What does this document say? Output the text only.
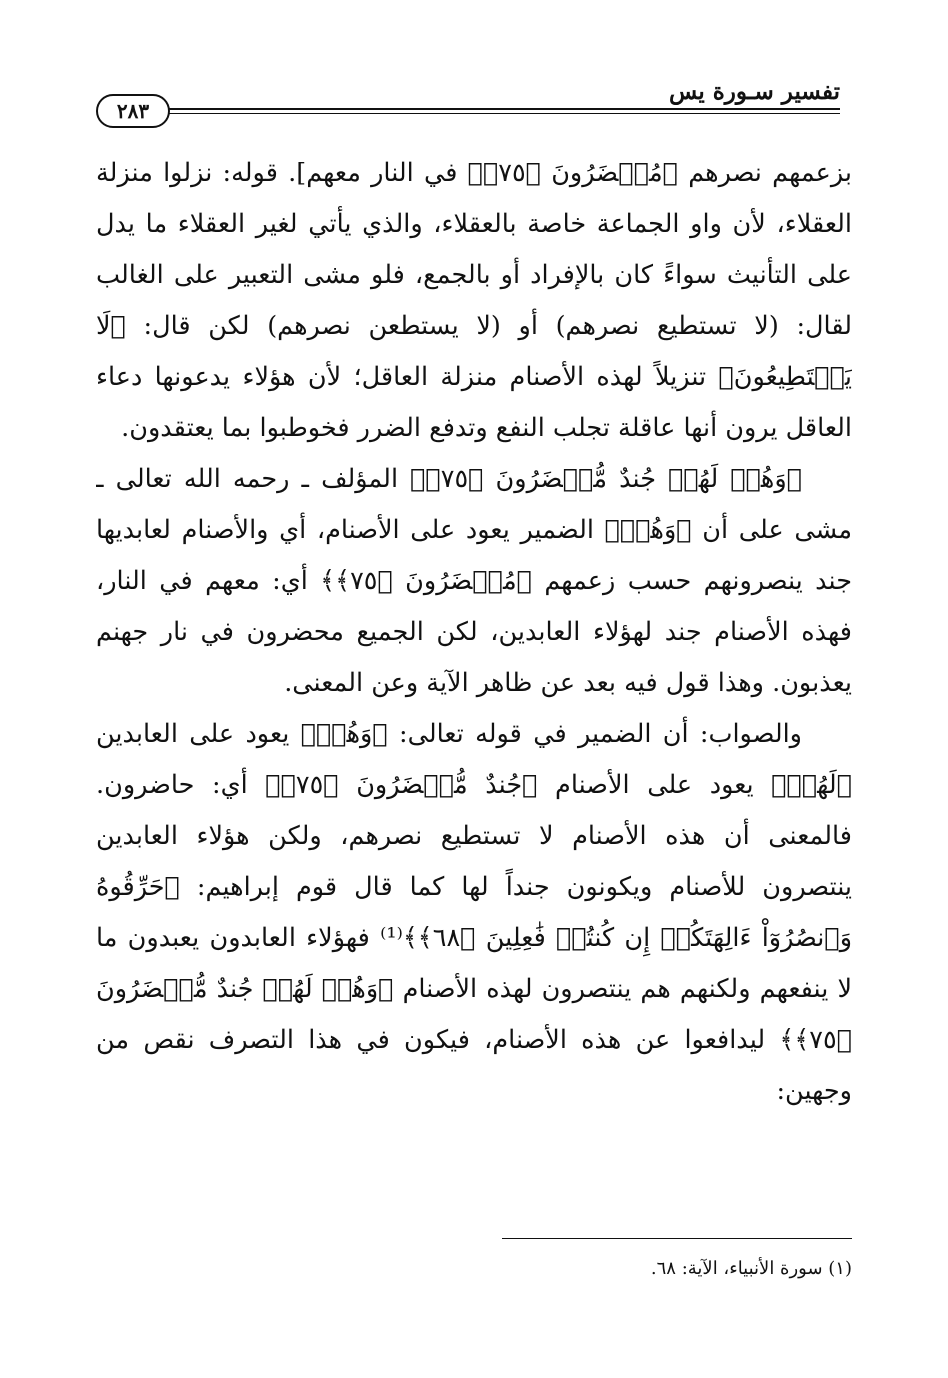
٢٨٣
تفسير سـورة يس

بزعمهم نصرهم ﴿مُحۡضَرُونَ ﴿٧٥﴾﴾ في النار معهم]. قوله: نزلوا منزلة العقلاء، لأن واو الجماعة خاصة بالعقلاء، والذي يأتي لغير العقلاء ما يدل على التأنيث سواءً كان بالإفراد أو بالجمع، فلو مشى التعبير على الغالب لقال: (لا تستطيع نصرهم) أو (لا يستطعن نصرهم) لكن قال: ﴿لَا يَسۡتَطِيعُونَ﴾ تنزيلاً لهذه الأصنام منزلة العاقل؛ لأن هؤلاء يدعونها دعاء العاقل يرون أنها عاقلة تجلب النفع وتدفع الضرر فخوطبوا بما يعتقدون.

﴿وَهُمۡ لَهُمۡ جُندٌ مُّحۡضَرُونَ ﴿٧٥﴾﴾ المؤلف ـ رحمه الله تعالى ـ مشى على أن ﴿وَهُمۡ﴾ الضمير يعود على الأصنام، أي والأصنام لعابديها جند ينصرونهم حسب زعمهم ﴿مُحۡضَرُونَ ﴿٧٥﴾﴾ أي: معهم في النار، فهذه الأصنام جند لهؤلاء العابدين، لكن الجميع محضرون في نار جهنم يعذبون. وهذا قول فيه بعد عن ظاهر الآية وعن المعنى.

والصواب: أن الضمير في قوله تعالى: ﴿وَهُمۡ﴾ يعود على العابدين ﴿لَهُمۡ﴾ يعود على الأصنام ﴿جُندٌ مُّحۡضَرُونَ ﴿٧٥﴾﴾ أي: حاضرون. فالمعنى أن هذه الأصنام لا تستطيع نصرهم، ولكن هؤلاء العابدين ينتصرون للأصنام ويكونون جنداً لها كما قال قوم إبراهيم: ﴿حَرِّقُوهُ وَٱنصُرُوٓاْ ءَالِهَتَكُمۡ إِن كُنتُمۡ فَٰعِلِينَ ﴿٦٨﴾﴾⁽¹⁾ فهؤلاء العابدون يعبدون ما لا ينفعهم ولكنهم هم ينتصرون لهذه الأصنام ﴿وَهُمۡ لَهُمۡ جُندٌ مُّحۡضَرُونَ ﴿٧٥﴾﴾ ليدافعوا عن هذه الأصنام، فيكون في هذا التصرف نقص من وجهين:

(١) سورة الأنبياء، الآية: ٦٨.
